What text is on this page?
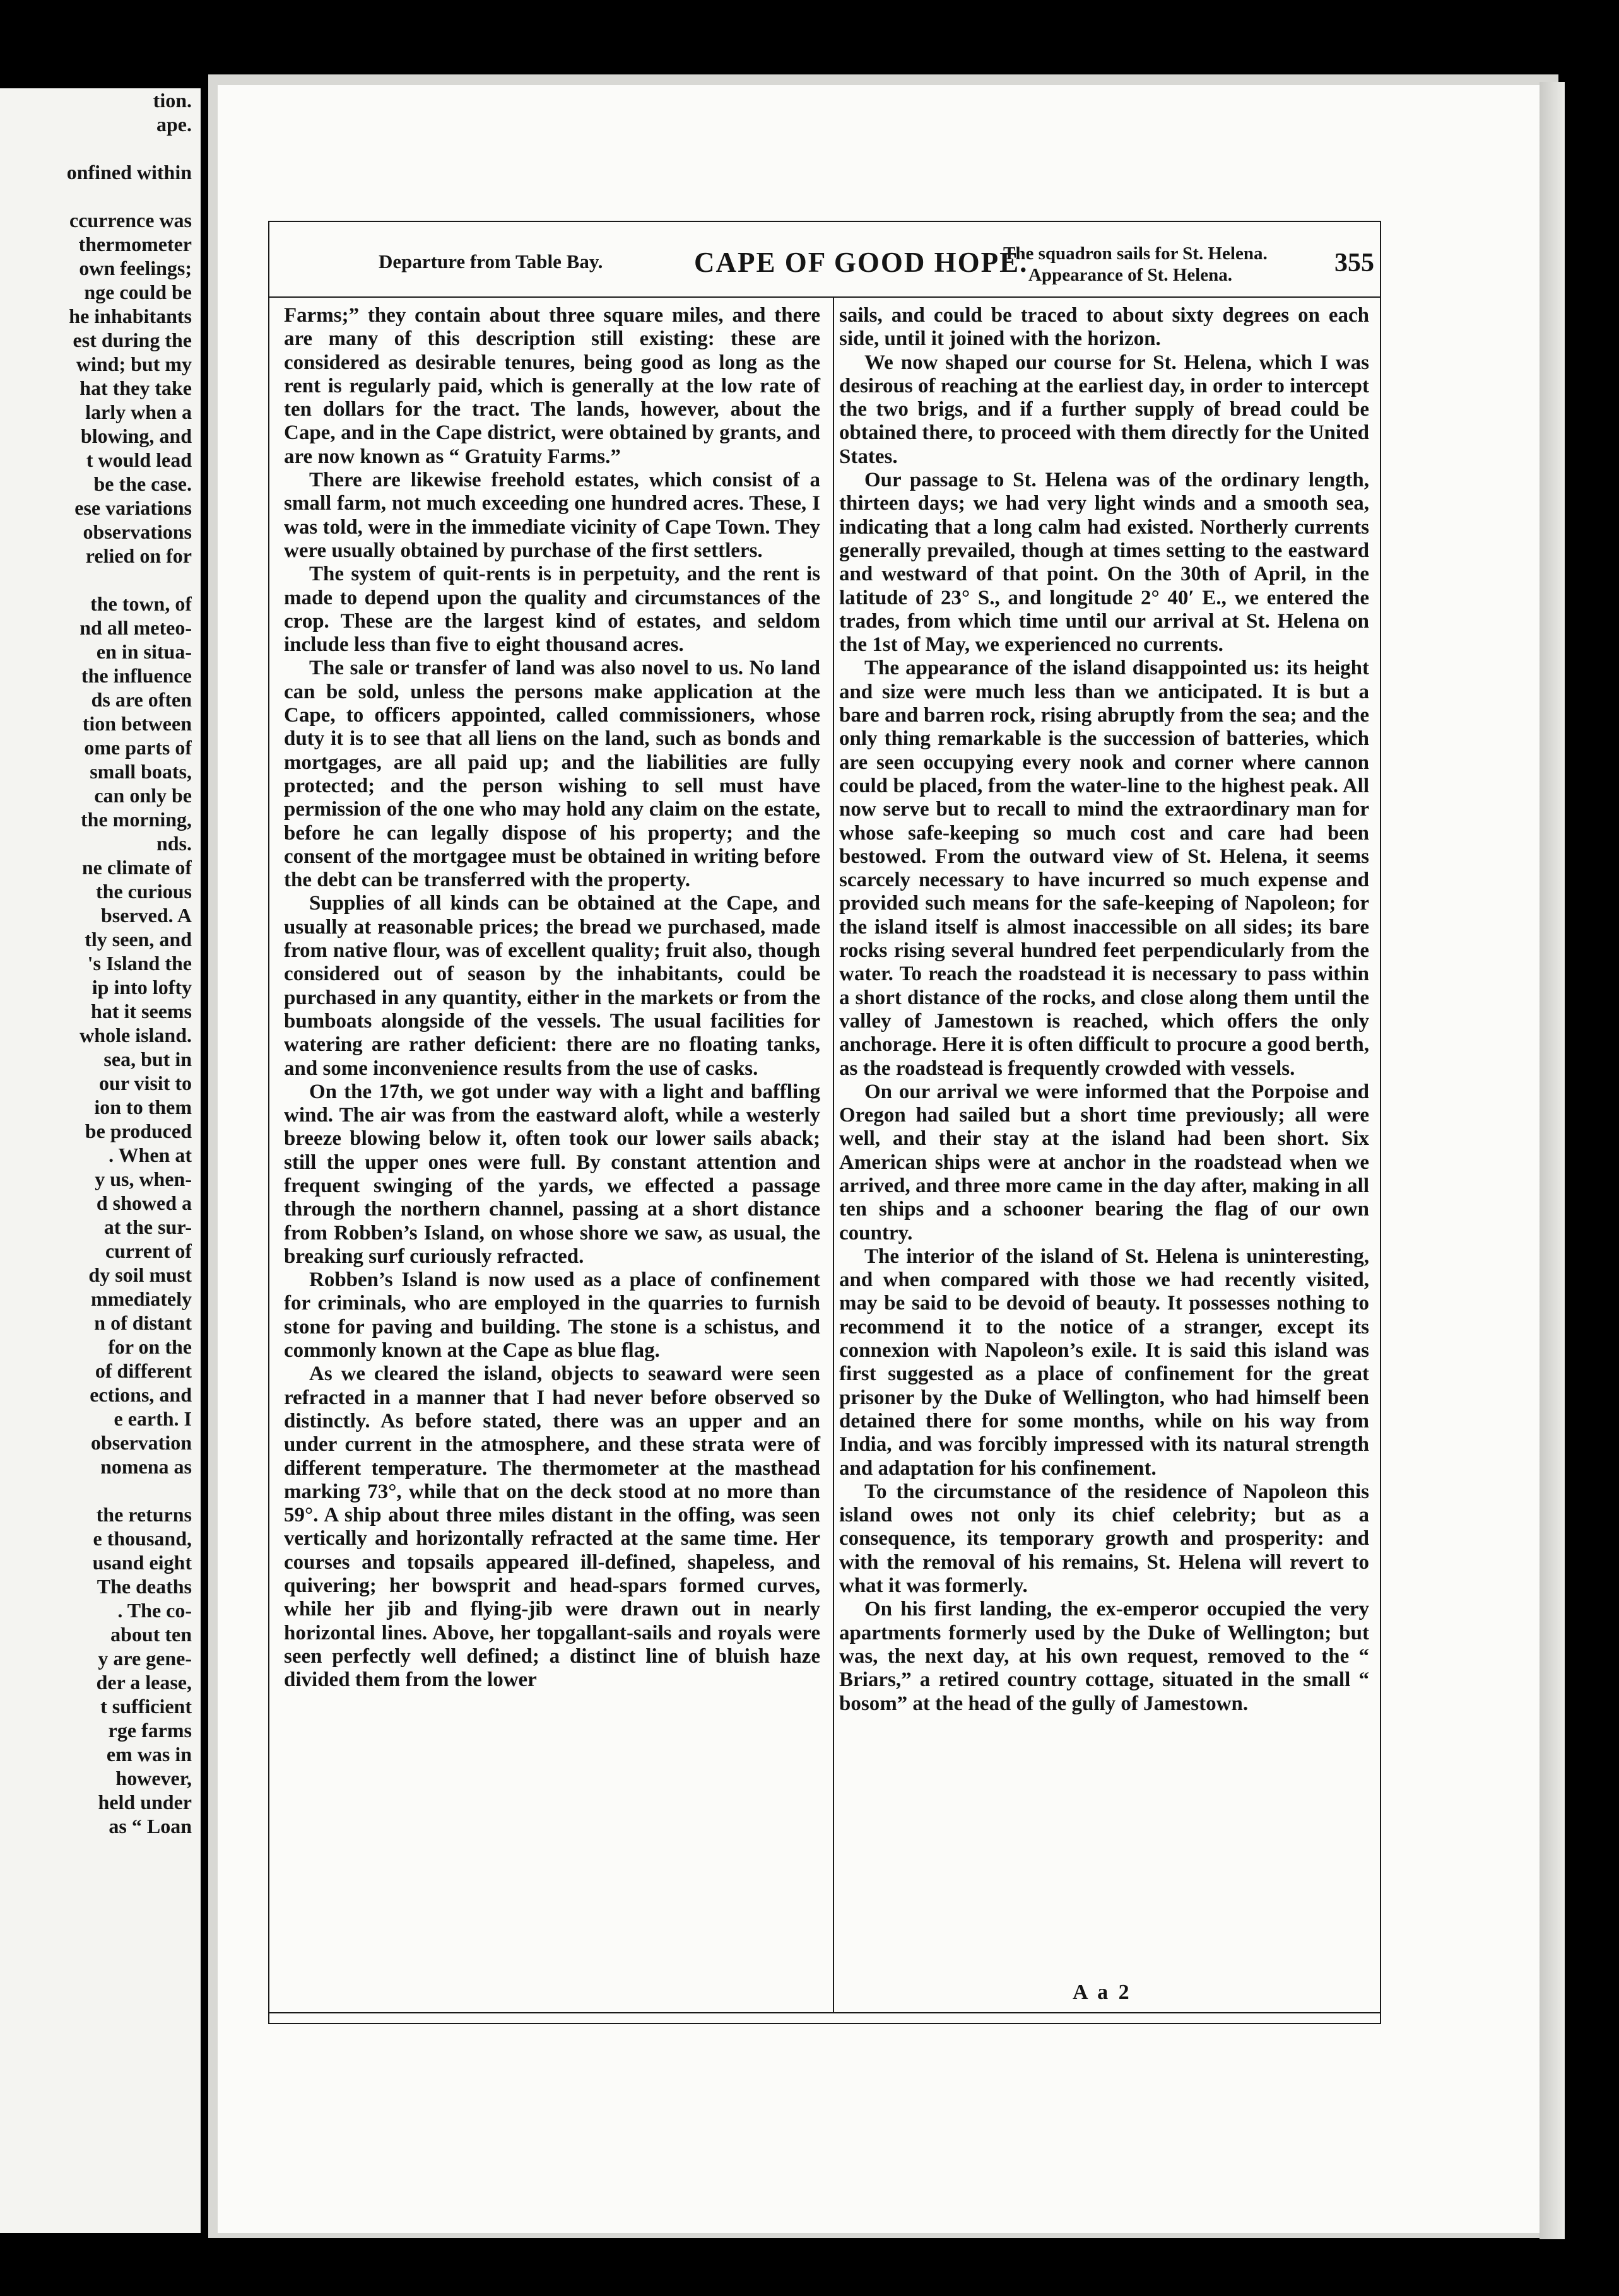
tion.
ape.

onfined within

ccurrence was
thermometer
own feelings;
nge could be
he inhabitants
est during the
wind; but my
hat they take
larly when a
blowing, and
t would lead
be the case.
ese variations
observations
relied on for

the town, of
nd all meteo-
en in situa-
the influence
ds are often
tion between
ome parts of
small boats,
can only be
the morning,
nds.
ne climate of
the curious
bserved. A
tly seen, and
's Island the
ip into lofty
hat it seems
whole island.
sea, but in
our visit to
ion to them
be produced
. When at
y us, when-
d showed a
at the sur-
current of
dy soil must
mmediately
n of distant
for on the
of different
ections, and
e earth. I
observation
nomena as

the returns
e thousand,
usand eight
The deaths
. The co-
about ten
y are gene-
der a lease,
t sufficient
rge farms
em was in
however,
held under
as “ Loan
Departure from Table Bay.	CAPE OF GOOD HOPE.
The squadron sails for St. Helena.
Appearance of St. Helena.	355

Farms;” they contain about three square miles, and there are many of this description still existing: these are considered as desirable tenures, being good as long as the rent is regularly paid, which is generally at the low rate of ten dollars for the tract. The lands, however, about the Cape, and in the Cape district, were obtained by grants, and are now known as “ Gratuity Farms.”

There are likewise freehold estates, which consist of a small farm, not much exceeding one hundred acres. These, I was told, were in the immediate vicinity of Cape Town. They were usually obtained by purchase of the first settlers.

The system of quit-rents is in perpetuity, and the rent is made to depend upon the quality and circumstances of the crop. These are the largest kind of estates, and seldom include less than five to eight thousand acres.

The sale or transfer of land was also novel to us. No land can be sold, unless the persons make application at the Cape, to officers appointed, called commissioners, whose duty it is to see that all liens on the land, such as bonds and mortgages, are all paid up; and the liabilities are fully protected; and the person wishing to sell must have permission of the one who may hold any claim on the estate, before he can legally dispose of his property; and the consent of the mortgagee must be obtained in writing before the debt can be transferred with the property.

Supplies of all kinds can be obtained at the Cape, and usually at reasonable prices; the bread we purchased, made from native flour, was of excellent quality; fruit also, though considered out of season by the inhabitants, could be purchased in any quantity, either in the markets or from the bumboats alongside of the vessels. The usual facilities for watering are rather deficient: there are no floating tanks, and some inconvenience results from the use of casks.

On the 17th, we got under way with a light and baffling wind. The air was from the eastward aloft, while a westerly breeze blowing below it, often took our lower sails aback; still the upper ones were full. By constant attention and frequent swinging of the yards, we effected a passage through the northern channel, passing at a short distance from Robben’s Island, on whose shore we saw, as usual, the breaking surf curiously refracted.

Robben’s Island is now used as a place of confinement for criminals, who are employed in the quarries to furnish stone for paving and building. The stone is a schistus, and commonly known at the Cape as blue flag.

As we cleared the island, objects to seaward were seen refracted in a manner that I had never before observed so distinctly. As before stated, there was an upper and an under current in the atmosphere, and these strata were of different temperature. The thermometer at the masthead marking 73°, while that on the deck stood at no more than 59°. A ship about three miles distant in the offing, was seen vertically and horizontally refracted at the same time. Her courses and topsails appeared ill-defined, shapeless, and quivering; her bowsprit and head-spars formed curves, while her jib and flying-jib were drawn out in nearly horizontal lines. Above, her topgallant-sails and royals were seen perfectly well defined; a distinct line of bluish haze divided them from the lower

sails, and could be traced to about sixty degrees on each side, until it joined with the horizon.

We now shaped our course for St. Helena, which I was desirous of reaching at the earliest day, in order to intercept the two brigs, and if a further supply of bread could be obtained there, to proceed with them directly for the United States.

Our passage to St. Helena was of the ordinary length, thirteen days; we had very light winds and a smooth sea, indicating that a long calm had existed. Northerly currents generally prevailed, though at times setting to the eastward and westward of that point. On the 30th of April, in the latitude of 23° S., and longitude 2° 40′ E., we entered the trades, from which time until our arrival at St. Helena on the 1st of May, we experienced no currents.

The appearance of the island disappointed us: its height and size were much less than we anticipated. It is but a bare and barren rock, rising abruptly from the sea; and the only thing remarkable is the succession of batteries, which are seen occupying every nook and corner where cannon could be placed, from the water-line to the highest peak. All now serve but to recall to mind the extraordinary man for whose safe-keeping so much cost and care had been bestowed. From the outward view of St. Helena, it seems scarcely necessary to have incurred so much expense and provided such means for the safe-keeping of Napoleon; for the island itself is almost inaccessible on all sides; its bare rocks rising several hundred feet perpendicularly from the water. To reach the roadstead it is necessary to pass within a short distance of the rocks, and close along them until the valley of Jamestown is reached, which offers the only anchorage. Here it is often difficult to procure a good berth, as the roadstead is frequently crowded with vessels.

On our arrival we were informed that the Porpoise and Oregon had sailed but a short time previously; all were well, and their stay at the island had been short. Six American ships were at anchor in the roadstead when we arrived, and three more came in the day after, making in all ten ships and a schooner bearing the flag of our own country.

The interior of the island of St. Helena is uninteresting, and when compared with those we had recently visited, may be said to be devoid of beauty. It possesses nothing to recommend it to the notice of a stranger, except its connexion with Napoleon’s exile. It is said this island was first suggested as a place of confinement for the great prisoner by the Duke of Wellington, who had himself been detained there for some months, while on his way from India, and was forcibly impressed with its natural strength and adaptation for his confinement.

To the circumstance of the residence of Napoleon this island owes not only its chief celebrity; but as a consequence, its temporary growth and prosperity: and with the removal of his remains, St. Helena will revert to what it was formerly.

On his first landing, the ex-emperor occupied the very apartments formerly used by the Duke of Wellington; but was, the next day, at his own request, removed to the “ Briars,” a retired country cottage, situated in the small “ bosom” at the head of the gully of Jamestown.

A a 2
